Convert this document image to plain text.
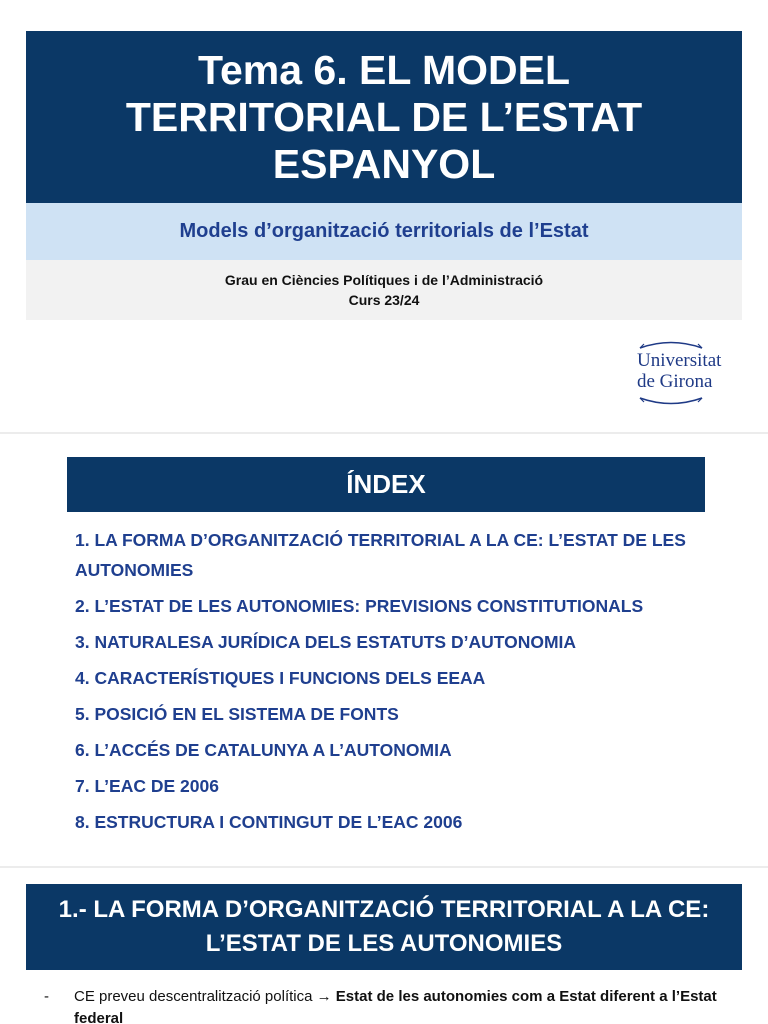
Tema 6. EL MODEL TERRITORIAL DE L’ESTAT ESPANYOL
Models d’organització territorials de l’Estat
Grau en Ciències Polítiques i de l’Administració
Curs 23/24
Universitat
de Girona
ÍNDEX
1. LA FORMA D’ORGANITZACIÓ TERRITORIAL A LA CE: L’ESTAT DE LES AUTONOMIES
2. L’ESTAT DE LES AUTONOMIES: PREVISIONS CONSTITUTIONALS
3. NATURALESA JURÍDICA DELS ESTATUTS D’AUTONOMIA
4. CARACTERÍSTIQUES I FUNCIONS DELS EEAA
5. POSICIÓ EN EL SISTEMA DE FONTS
6. L’ACCÉS DE CATALUNYA A L’AUTONOMIA
7. L’EAC DE 2006
8. ESTRUCTURA I CONTINGUT DE L’EAC 2006
1.- LA FORMA D’ORGANITZACIÓ TERRITORIAL A LA CE: L’ESTAT DE LES AUTONOMIES
-	CE preveu descentralització política → Estat de les autonomies com a Estat diferent a l’Estat federal
